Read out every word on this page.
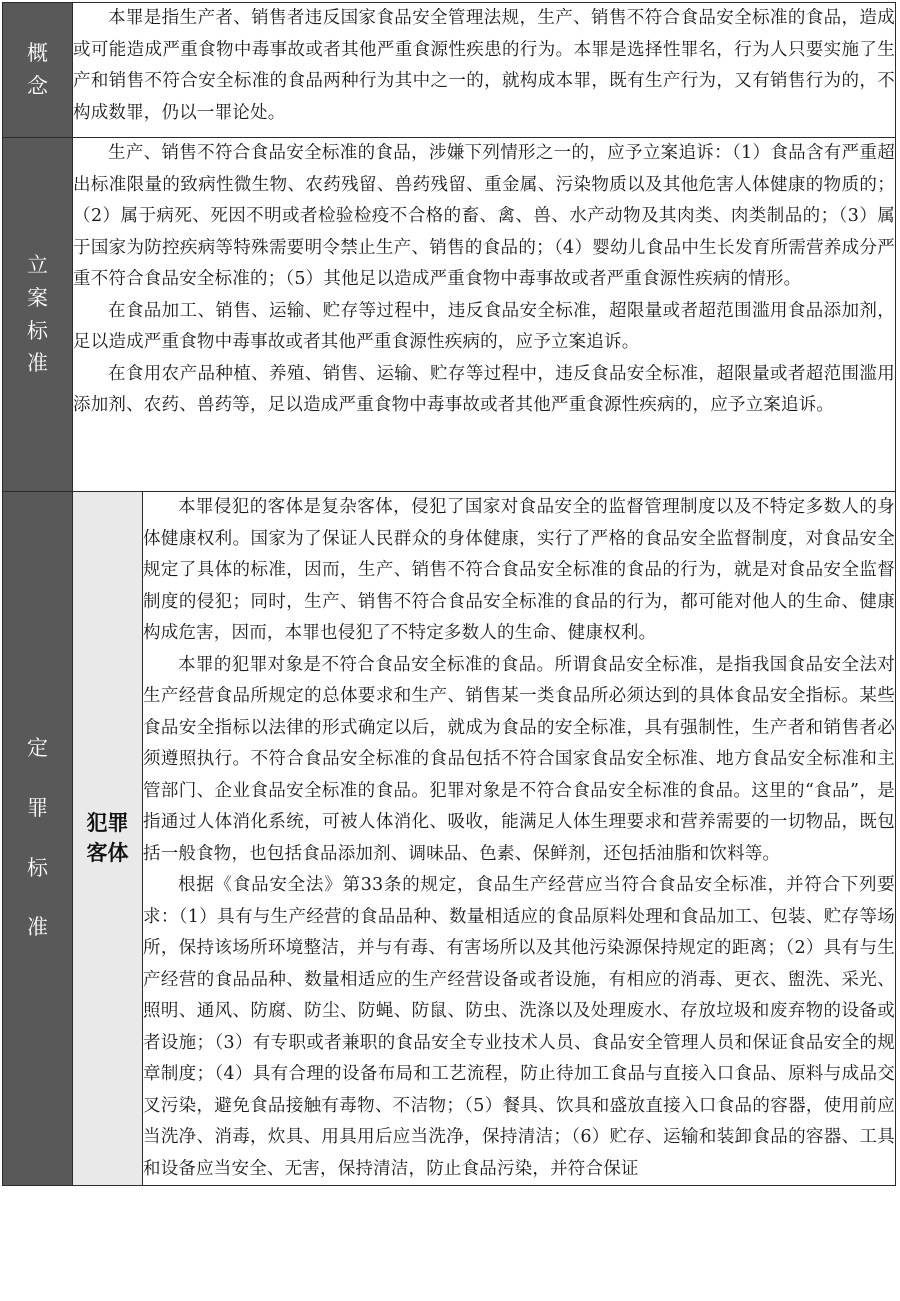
概念	本罪是指生产者、销售者违反国家食品安全管理法规，生产、销售不符合食品安全标准的食品，造成或可能造成严重食物中毒事故或者其他严重食源性疾患的行为。本罪是选择性罪名，行为人只要实施了生产和销售不符合安全标准的食品两种行为其中之一的，就构成本罪，既有生产行为，又有销售行为的，不构成数罪，仍以一罪论处。	

立案标准	生产、销售不符合食品安全标准的食品，涉嫌下列情形之一的，应予立案追诉：（1）食品含有严重超出标准限量的致病性微生物、农药残留、兽药残留、重金属、污染物质以及其他危害人体健康的物质的；（2）属于病死、死因不明或者检验检疫不合格的畜、禽、兽、水产动物及其肉类、肉类制品的；（3）属于国家为防控疾病等特殊需要明令禁止生产、销售的食品的；（4）婴幼儿食品中生长发育所需营养成分严重不符合食品安全标准的；（5）其他足以造成严重食物中毒事故或者严重食源性疾病的情形。

在食品加工、销售、运输、贮存等过程中，违反食品安全标准，超限量或者超范围滥用食品添加剂，足以造成严重食物中毒事故或者其他严重食源性疾病的，应予立案追诉。

在食用农产品种植、养殖、销售、运输、贮存等过程中，违反食品安全标准，超限量或者超范围滥用添加剂、农药、兽药等，足以造成严重食物中毒事故或者其他严重食源性疾病的，应予立案追诉。	

定罪标准	犯罪客体	本罪侵犯的客体是复杂客体，侵犯了国家对食品安全的监督管理制度以及不特定多数人的身体健康权利。国家为了保证人民群众的身体健康，实行了严格的食品安全监督制度，对食品安全规定了具体的标准，因而，生产、销售不符合食品安全标准的食品的行为，就是对食品安全监督制度的侵犯；同时，生产、销售不符合食品安全标准的食品的行为，都可能对他人的生命、健康构成危害，因而，本罪也侵犯了不特定多数人的生命、健康权利。

本罪的犯罪对象是不符合食品安全标准的食品。所谓食品安全标准，是指我国食品安全法对生产经营食品所规定的总体要求和生产、销售某一类食品所必须达到的具体食品安全指标。某些食品安全指标以法律的形式确定以后，就成为食品的安全标准，具有强制性，生产者和销售者必须遵照执行。不符合食品安全标准的食品包括不符合国家食品安全标准、地方食品安全标准和主管部门、企业食品安全标准的食品。犯罪对象是不符合食品安全标准的食品。这里的“食品”，是指通过人体消化系统，可被人体消化、吸收，能满足人体生理要求和营养需要的一切物品，既包括一般食物，也包括食品添加剂、调味品、色素、保鲜剂，还包括油脂和饮料等。

根据《食品安全法》第33条的规定，食品生产经营应当符合食品安全标准，并符合下列要求：（1）具有与生产经营的食品品种、数量相适应的食品原料处理和食品加工、包装、贮存等场所，保持该场所环境整洁，并与有毒、有害场所以及其他污染源保持规定的距离；（2）具有与生产经营的食品品种、数量相适应的生产经营设备或者设施，有相应的消毒、更衣、盥洗、采光、照明、通风、防腐、防尘、防蝇、防鼠、防虫、洗涤以及处理废水、存放垃圾和废弃物的设备或者设施；（3）有专职或者兼职的食品安全专业技术人员、食品安全管理人员和保证食品安全的规章制度；（4）具有合理的设备布局和工艺流程，防止待加工食品与直接入口食品、原料与成品交叉污染，避免食品接触有毒物、不洁物；（5）餐具、饮具和盛放直接入口食品的容器，使用前应当洗净、消毒，炊具、用具用后应当洗净，保持清洁；（6）贮存、运输和装卸食品的容器、工具和设备应当安全、无害，保持清洁，防止食品污染，并符合保证
